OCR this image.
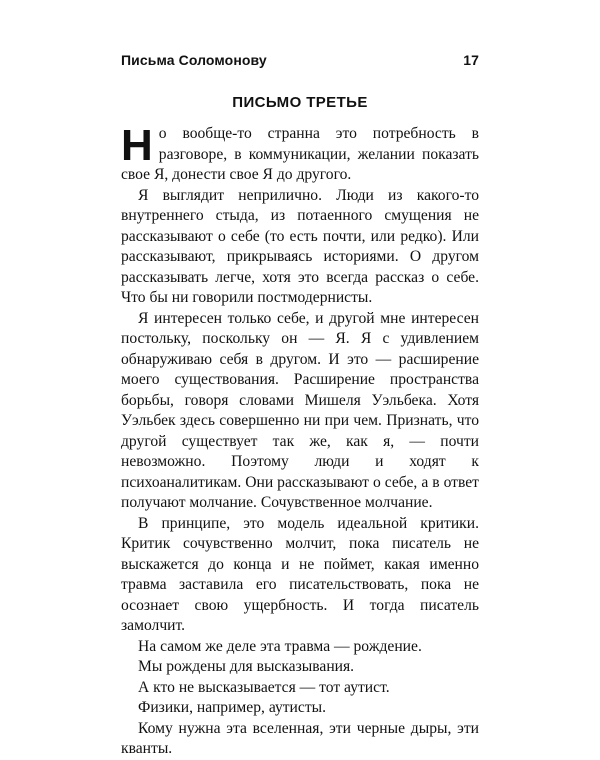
Письма Соломонову	17
ПИСЬМО ТРЕТЬЕ

Но вообще-то странна это потребность в разговоре, в коммуникации, желании показать свое Я, донести свое Я до другого.

Я выглядит неприлично. Люди из какого-то внутреннего стыда, из потаенного смущения не рассказывают о себе (то есть почти, или редко). Или рассказывают, прикрываясь историями. О другом рассказывать легче, хотя это всегда рассказ о себе. Что бы ни говорили постмодернисты.

Я интересен только себе, и другой мне интересен постольку, поскольку он — Я. Я с удивлением обнаруживаю себя в другом. И это — расширение моего существования. Расширение пространства борьбы, говоря словами Мишеля Уэльбека. Хотя Уэльбек здесь совершенно ни при чем. Признать, что другой существует так же, как я, — почти невозможно. Поэтому люди и ходят к психоаналитикам. Они рассказывают о себе, а в ответ получают молчание. Сочувственное молчание.

В принципе, это модель идеальной критики. Критик сочувственно молчит, пока писатель не выскажется до конца и не поймет, какая именно травма заставила его писательствовать, пока не осознает свою ущербность. И тогда писатель замолчит.

На самом же деле эта травма — рождение.

Мы рождены для высказывания.

А кто не высказывается — тот аутист.

Физики, например, аутисты.

Кому нужна эта вселенная, эти черные дыры, эти кванты.
